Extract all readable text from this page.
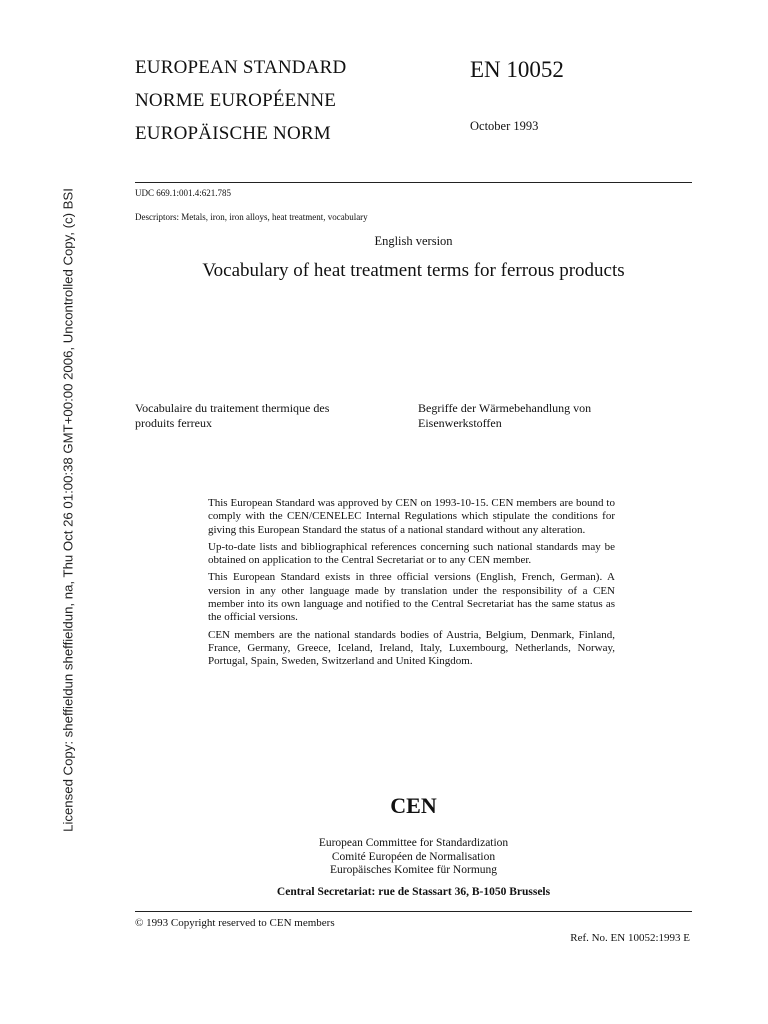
Licensed Copy: sheffieldun sheffieldun, na, Thu Oct 26 01:00:38 GMT+00:00 2006, Uncontrolled Copy, (c) BSI
EUROPEAN STANDARD
NORME EUROPÉENNE
EUROPÄISCHE NORM
EN 10052
October 1993
UDC 669.1:001.4:621.785
Descriptors: Metals, iron, iron alloys, heat treatment, vocabulary
English version
Vocabulary of heat treatment terms for ferrous products
Vocabulaire du traitement thermique des
produits ferreux
Begriffe der Wärmebehandlung von
Eisenwerkstoffen

This European Standard was approved by CEN on 1993-10-15. CEN members are bound to comply with the CEN/CENELEC Internal Regulations which stipulate the conditions for giving this European Standard the status of a national standard without any alteration.

Up-to-date lists and bibliographical references concerning such national standards may be obtained on application to the Central Secretariat or to any CEN member.

This European Standard exists in three official versions (English, French, German). A version in any other language made by translation under the responsibility of a CEN member into its own language and notified to the Central Secretariat has the same status as the official versions.

CEN members are the national standards bodies of Austria, Belgium, Denmark, Finland, France, Germany, Greece, Iceland, Ireland, Italy, Luxembourg, Netherlands, Norway, Portugal, Spain, Sweden, Switzerland and United Kingdom.

CEN
European Committee for Standardization
Comité Européen de Normalisation
Europäisches Komitee für Normung
Central Secretariat: rue de Stassart 36, B-1050 Brussels
© 1993 Copyright reserved to CEN members
Ref. No. EN 10052:1993 E
